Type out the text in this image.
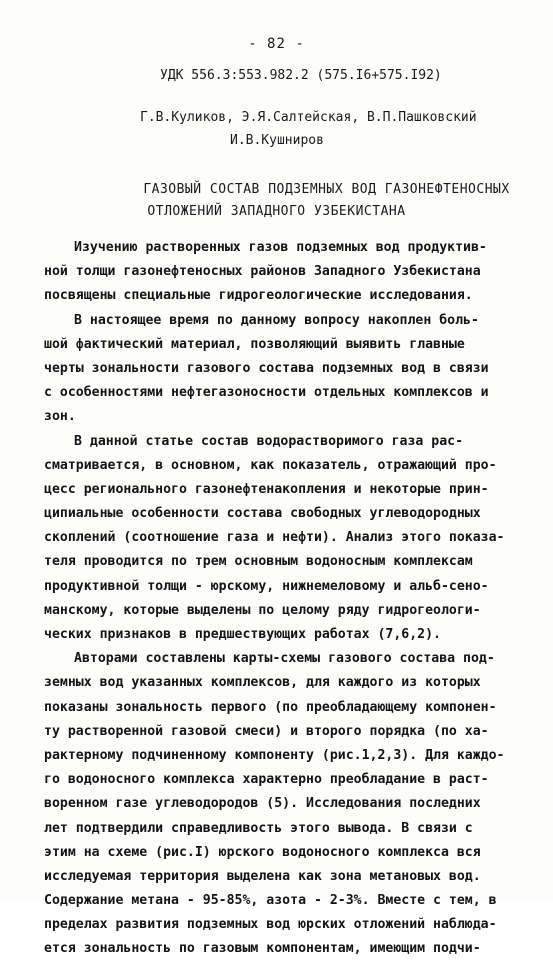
- 82 -
УДК 556.3:553.982.2 (575.I6+575.I92)
Г.В.Куликов, Э.Я.Салтейская, В.П.Пашковский
И.В.Кушниров
ГАЗОВЫЙ СОСТАВ ПОДЗЕМНЫХ ВОД ГАЗОНЕФТЕНОСНЫХ
ОТЛОЖЕНИЙ ЗАПАДНОГО УЗБЕКИСТАНА
Изучению растворенных газов подземных вод продуктив-
ной толщи газонефтеносных районов Западного Узбекистана
посвящены специальные гидрогеологические исследования.
В настоящее время по данному вопросу накоплен боль-
шой фактический материал, позволяющий выявить главные
черты зональности газового состава подземных вод в связи
с особенностями нефтегазоносности отдельных комплексов и
зон.
В данной статье состав водорастворимого газа рас-
сматривается, в основном, как показатель, отражающий про-
цесс регионального газонефтенакопления и некоторые прин-
ципиальные особенности состава свободных углеводородных
скоплений (соотношение газа и нефти). Анализ этого показа-
теля проводится по трем основным водоносным комплексам
продуктивной толщи - юрскому, нижнемеловому и альб-сено-
манскому, которые выделены по целому ряду гидрогеологи-
ческих признаков в предшествующих работах (7,6,2).
Авторами составлены карты-схемы газового состава под-
земных вод указанных комплексов, для каждого из которых
показаны зональность первого (по преобладающему компонен-
ту растворенной газовой смеси) и второго порядка (по ха-
рактерному подчиненному компоненту (рис.1,2,3). Для каждо-
го водоносного комплекса характерно преобладание в раст-
воренном газе углеводородов (5). Исследования последних
лет подтвердили справедливость этого вывода. В связи с
этим на схеме (рис.I) юрского водоносного комплекса вся
исследуемая территория выделена как зона метановых вод.
Содержание метана - 95-85%, азота - 2-3%. Вместе с тем, в
пределах развития подземных вод юрских отложений наблюда-
ется зональность по газовым компонентам, имеющим подчи-
